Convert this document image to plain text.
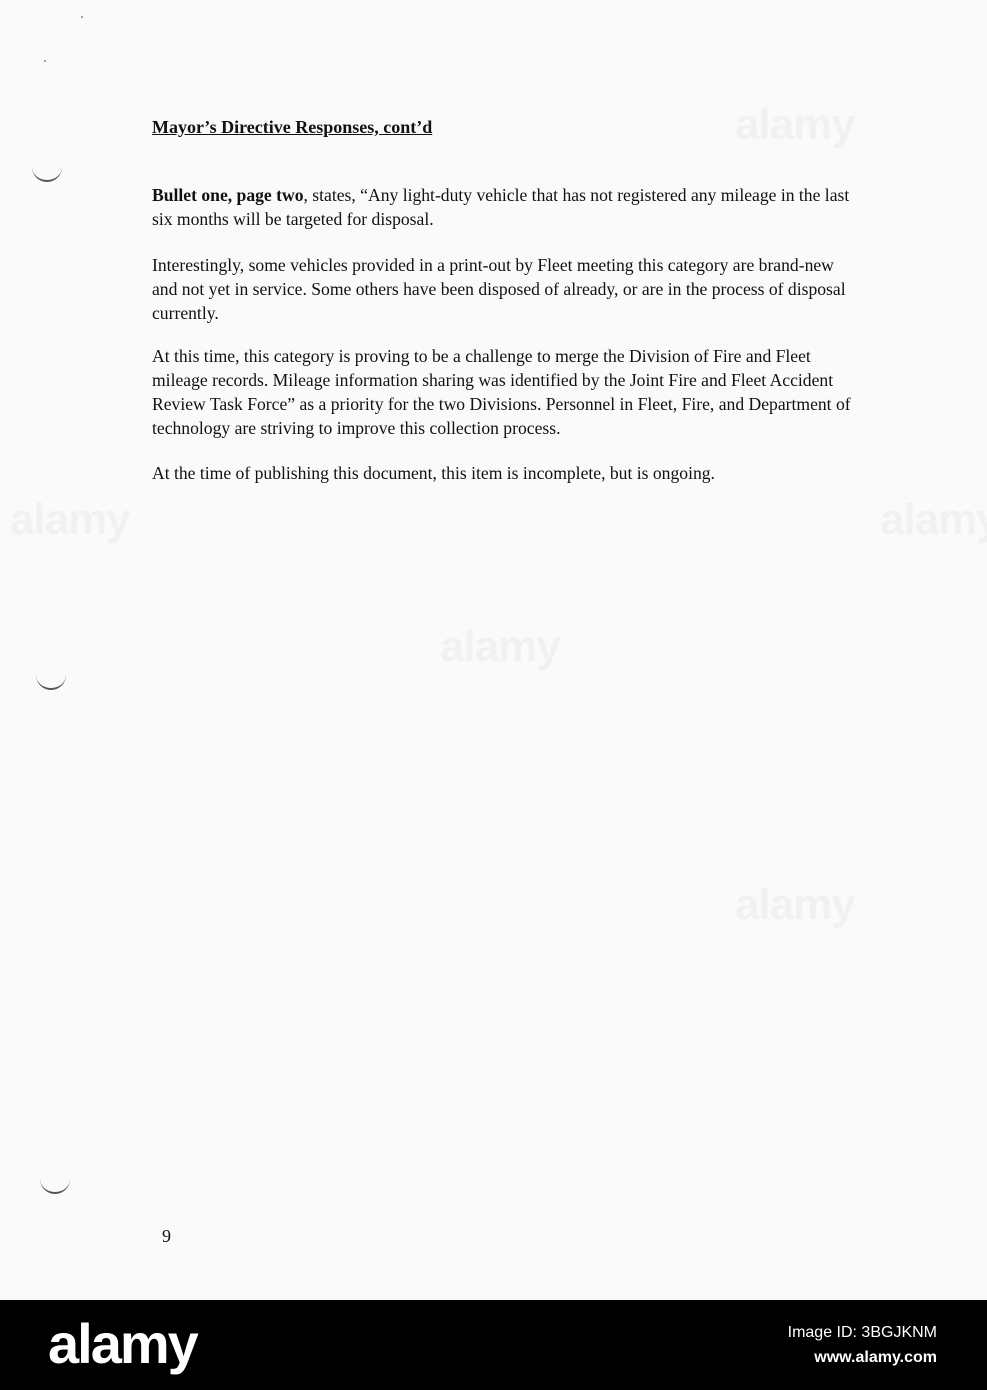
Mayor’s Directive Responses, cont’d

Bullet one, page two, states, “Any light-duty vehicle that has not registered any mileage in the last six months will be targeted for disposal.

Interestingly, some vehicles provided in a print-out by Fleet meeting this category are brand-new and not yet in service. Some others have been disposed of already, or are in the process of disposal currently.

At this time, this category is proving to be a challenge to merge the Division of Fire and Fleet mileage records. Mileage information sharing was identified by the Joint Fire and Fleet Accident Review Task Force” as a priority for the two Divisions. Personnel in Fleet, Fire, and Department of technology are striving to improve this collection process.

At the time of publishing this document, this item is incomplete, but is ongoing.

9
alamy	Image ID: 3BGJKNM
www.alamy.com
